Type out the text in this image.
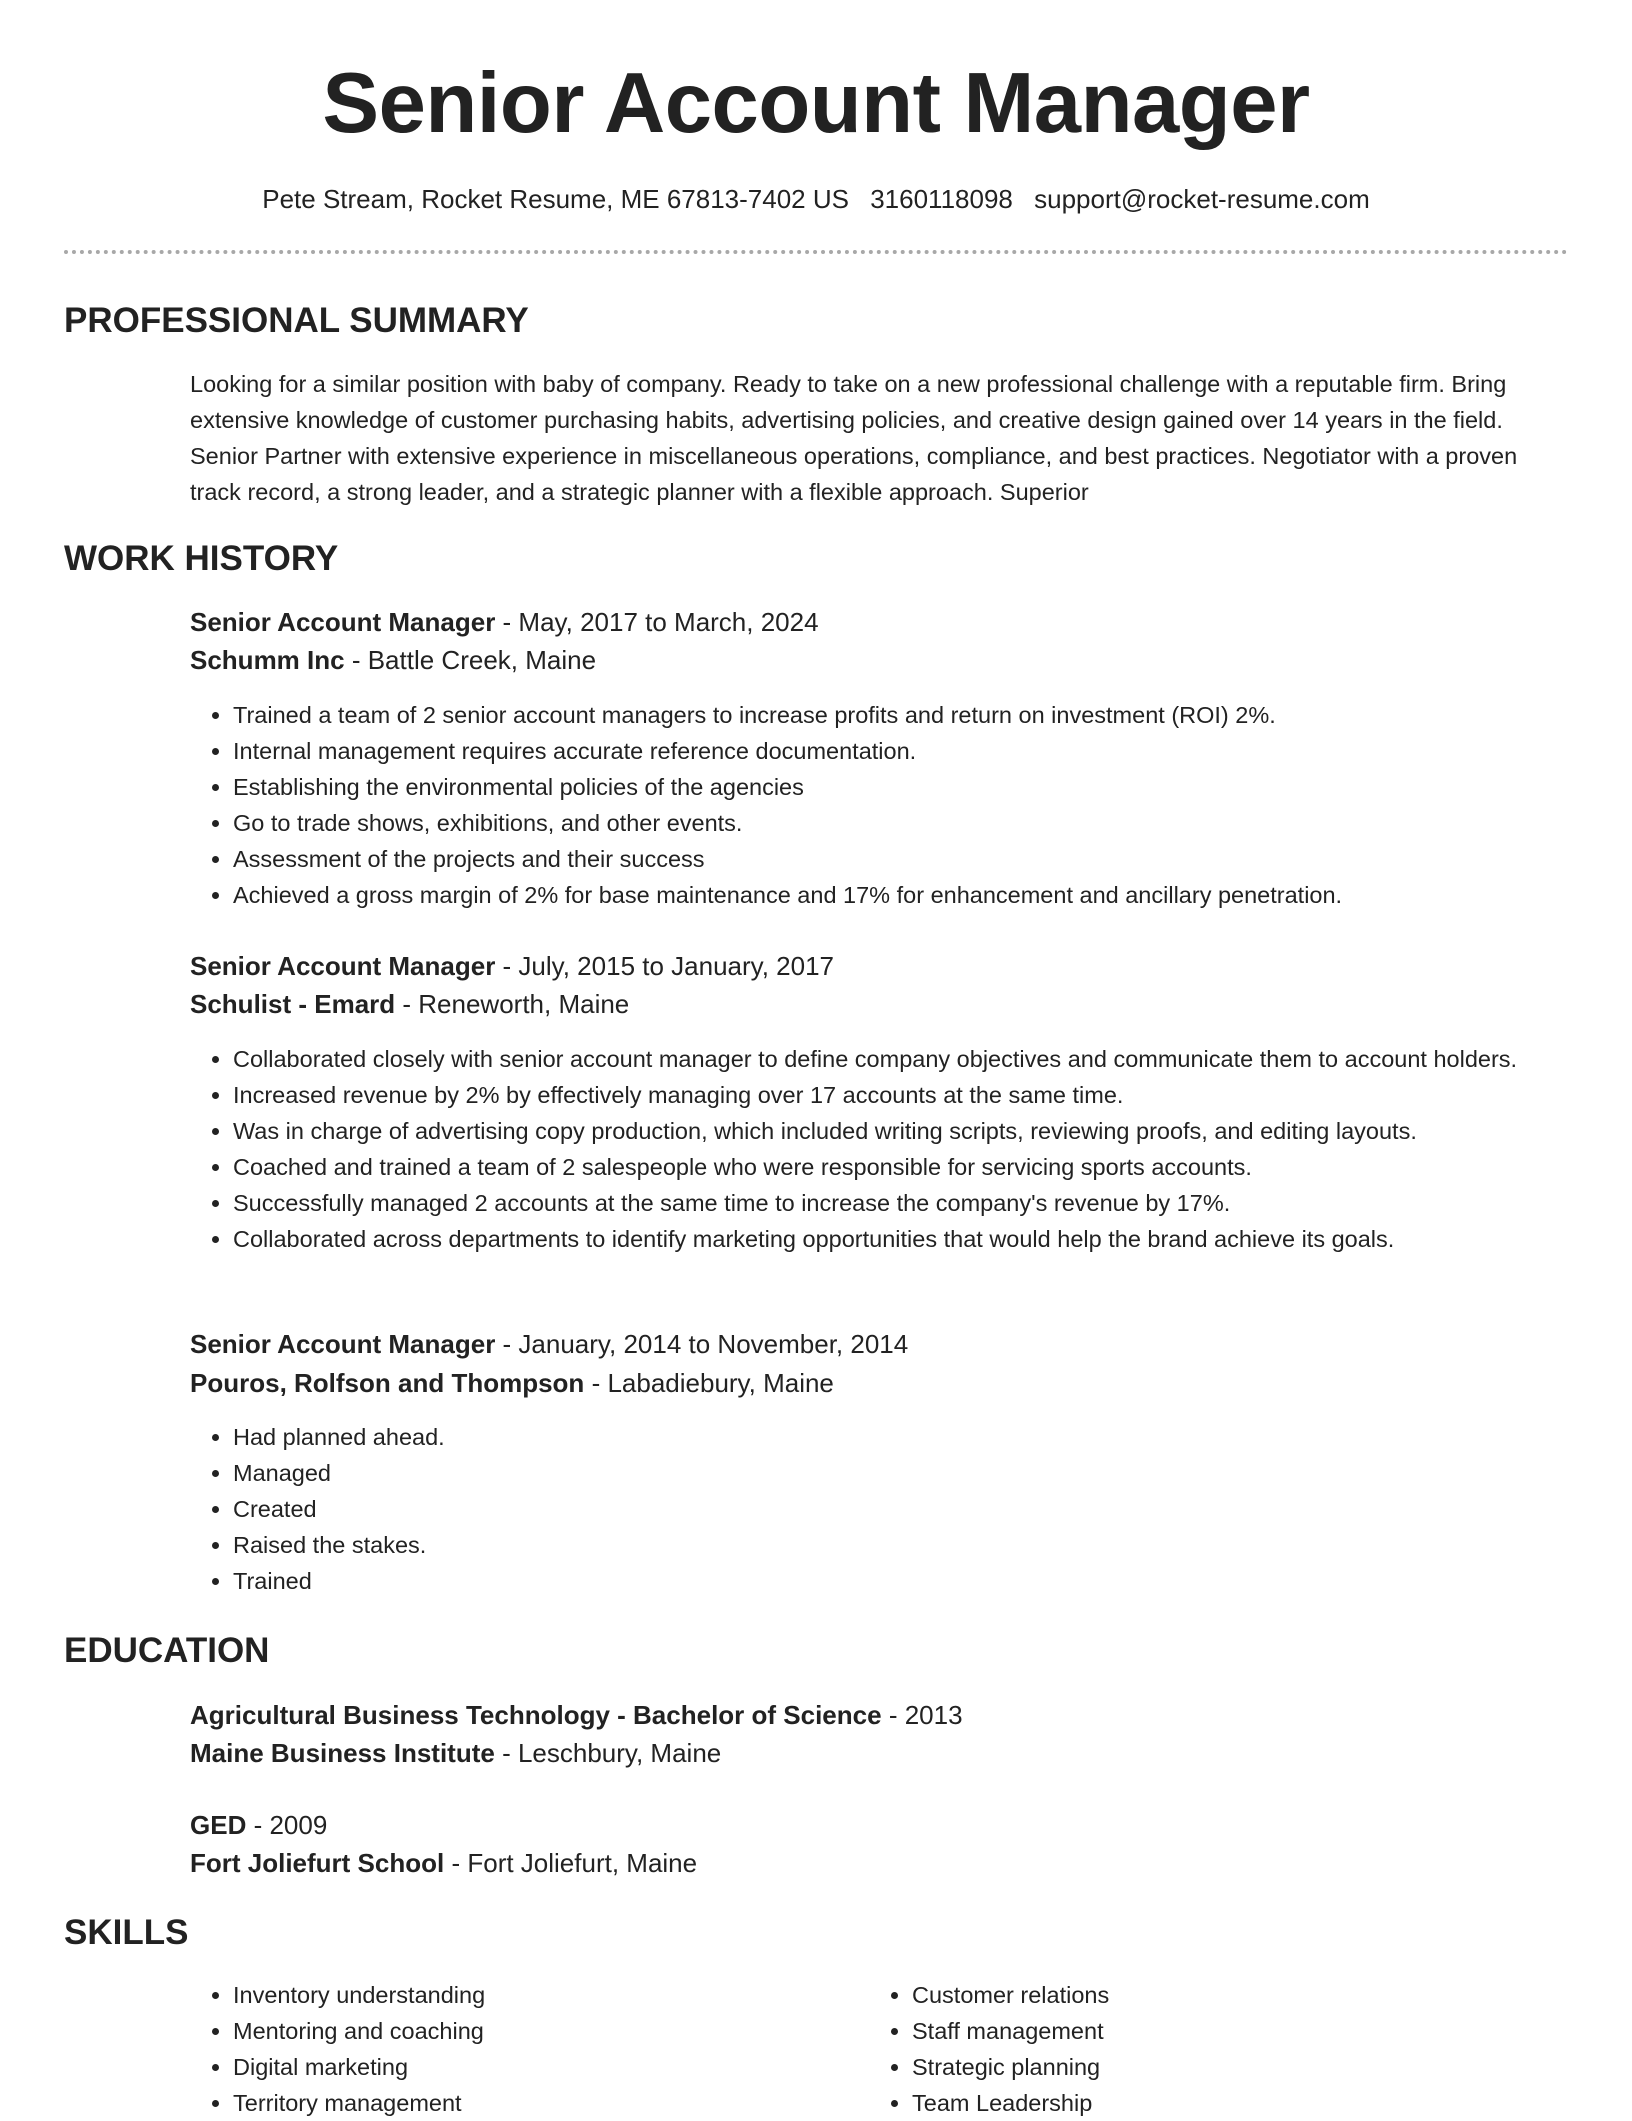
Senior Account Manager
Pete Stream, Rocket Resume, ME 67813-7402 US 3160118098 support@rocket-resume.com
PROFESSIONAL SUMMARY

Looking for a similar position with baby of company. Ready to take on a new professional challenge with a reputable firm. Bring extensive knowledge of customer purchasing habits, advertising policies, and creative design gained over 14 years in the field. Senior Partner with extensive experience in miscellaneous operations, compliance, and best practices. Negotiator with a proven track record, a strong leader, and a strategic planner with a flexible approach. Superior

WORK HISTORY
Senior Account Manager - May, 2017 to March, 2024
Schumm Inc - Battle Creek, Maine
• Trained a team of 2 senior account managers to increase profits and return on investment (ROI) 2%.
• Internal management requires accurate reference documentation.
• Establishing the environmental policies of the agencies
• Go to trade shows, exhibitions, and other events.
• Assessment of the projects and their success
• Achieved a gross margin of 2% for base maintenance and 17% for enhancement and ancillary penetration.
Senior Account Manager - July, 2015 to January, 2017
Schulist - Emard - Reneworth, Maine
• Collaborated closely with senior account manager to define company objectives and communicate them to account holders.
• Increased revenue by 2% by effectively managing over 17 accounts at the same time.
• Was in charge of advertising copy production, which included writing scripts, reviewing proofs, and editing layouts.
• Coached and trained a team of 2 salespeople who were responsible for servicing sports accounts.
• Successfully managed 2 accounts at the same time to increase the company's revenue by 17%.
• Collaborated across departments to identify marketing opportunities that would help the brand achieve its goals.
Senior Account Manager - January, 2014 to November, 2014
Pouros, Rolfson and Thompson - Labadiebury, Maine
• Had planned ahead.
• Managed
• Created
• Raised the stakes.
• Trained
EDUCATION
Agricultural Business Technology - Bachelor of Science - 2013
Maine Business Institute - Leschbury, Maine
GED - 2009
Fort Joliefurt School - Fort Joliefurt, Maine
SKILLS
• Inventory understanding
• Mentoring and coaching
• Digital marketing
• Territory management
• Customer relations
• Staff management
• Strategic planning
• Team Leadership
